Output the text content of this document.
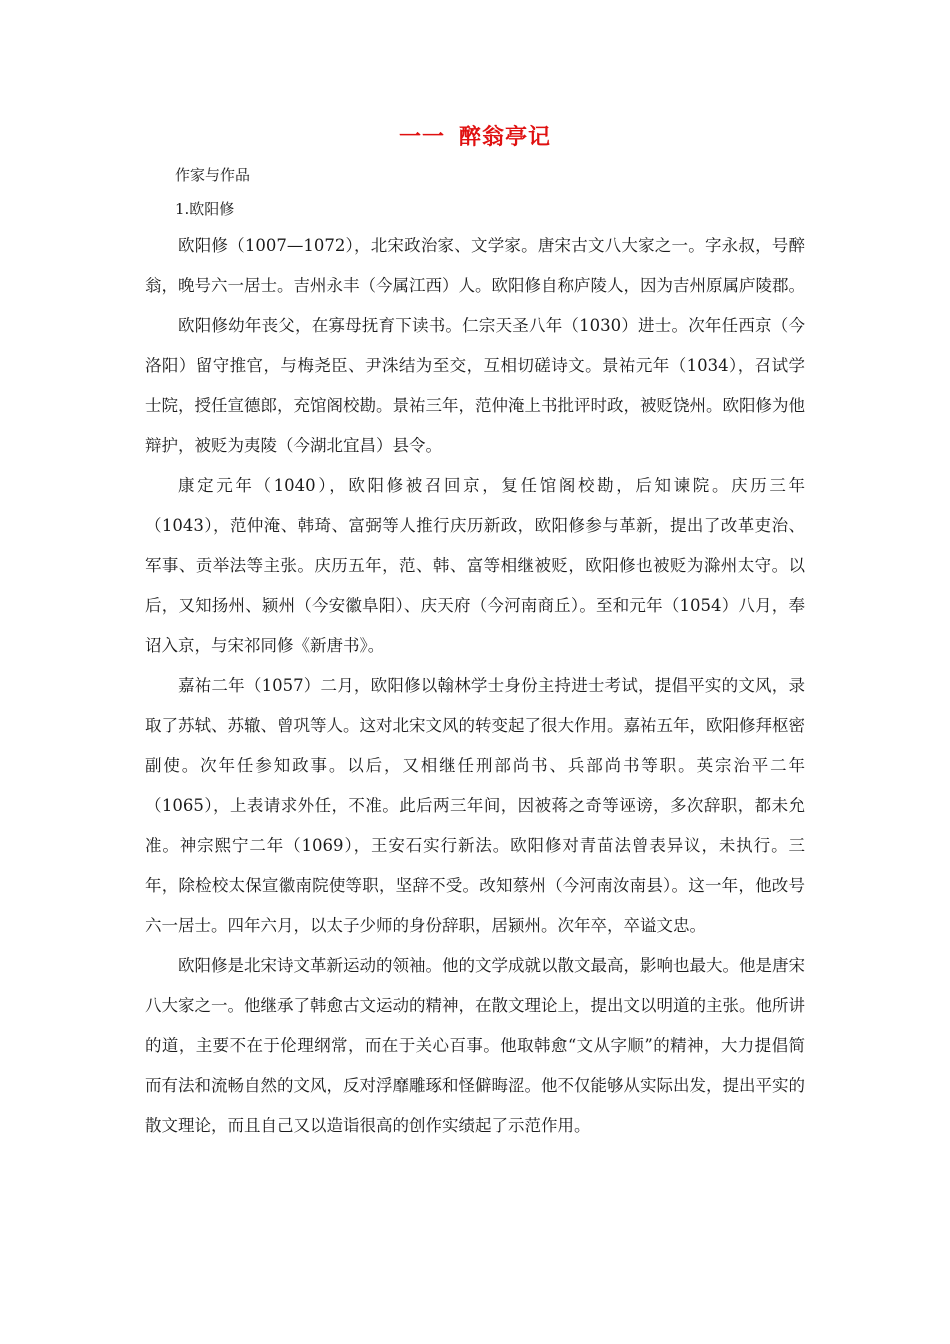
一一 醉翁亭记

作家与作品

1.欧阳修

欧阳修（1007—1072），北宋政治家、文学家。唐宋古文八大家之一。字永叔，号醉翁，晚号六一居士。吉州永丰（今属江西）人。欧阳修自称庐陵人，因为吉州原属庐陵郡。

欧阳修幼年丧父，在寡母抚育下读书。仁宗天圣八年（1030）进士。次年任西京（今洛阳）留守推官，与梅尧臣、尹洙结为至交，互相切磋诗文。景祐元年（1034），召试学士院，授任宣德郎，充馆阁校勘。景祐三年，范仲淹上书批评时政，被贬饶州。欧阳修为他辩护，被贬为夷陵（今湖北宜昌）县令。

康定元年（1040），欧阳修被召回京，复任馆阁校勘，后知谏院。庆历三年（1043），范仲淹、韩琦、富弼等人推行庆历新政，欧阳修参与革新，提出了改革吏治、军事、贡举法等主张。庆历五年，范、韩、富等相继被贬，欧阳修也被贬为滁州太守。以后，又知扬州、颍州（今安徽阜阳）、庆天府（今河南商丘）。至和元年（1054）八月，奉诏入京，与宋祁同修《新唐书》。

嘉祐二年（1057）二月，欧阳修以翰林学士身份主持进士考试，提倡平实的文风，录取了苏轼、苏辙、曾巩等人。这对北宋文风的转变起了很大作用。嘉祐五年，欧阳修拜枢密副使。次年任参知政事。以后，又相继任刑部尚书、兵部尚书等职。英宗治平二年（1065），上表请求外任，不准。此后两三年间，因被蒋之奇等诬谤，多次辞职，都未允准。神宗熙宁二年（1069），王安石实行新法。欧阳修对青苗法曾表异议，未执行。三年，除检校太保宣徽南院使等职，坚辞不受。改知蔡州（今河南汝南县）。这一年，他改号六一居士。四年六月，以太子少师的身份辞职，居颍州。次年卒，卒谥文忠。

欧阳修是北宋诗文革新运动的领袖。他的文学成就以散文最高，影响也最大。他是唐宋八大家之一。他继承了韩愈古文运动的精神，在散文理论上，提出文以明道的主张。他所讲的道，主要不在于伦理纲常，而在于关心百事。他取韩愈“文从字顺”的精神，大力提倡简而有法和流畅自然的文风，反对浮靡雕琢和怪僻晦涩。他不仅能够从实际出发，提出平实的散文理论，而且自己又以造诣很高的创作实绩起了示范作用。
